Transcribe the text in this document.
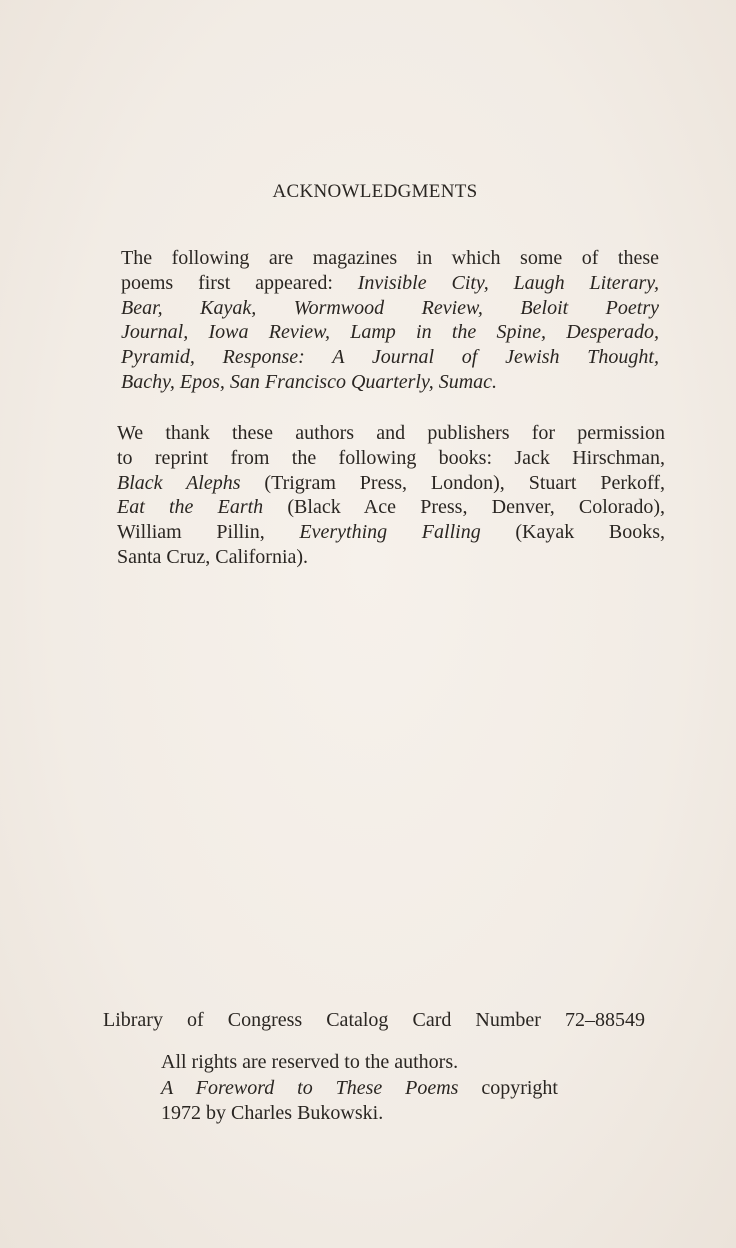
ACKNOWLEDGMENTS
The following are magazines in which some of these
poems first appeared: Invisible City, Laugh Literary,
Bear, Kayak, Wormwood Review, Beloit Poetry
Journal, Iowa Review, Lamp in the Spine, Desperado,
Pyramid, Response: A Journal of Jewish Thought,
Bachy, Epos, San Francisco Quarterly, Sumac.
We thank these authors and publishers for permission
to reprint from the following books: Jack Hirschman,
Black Alephs (Trigram Press, London), Stuart Perkoff,
Eat the Earth (Black Ace Press, Denver, Colorado),
William Pillin, Everything Falling (Kayak Books,
Santa Cruz, California).
Library of Congress Catalog Card Number 72–88549
All rights are reserved to the authors.
A Foreword to These Poems copyright
1972 by Charles Bukowski.
